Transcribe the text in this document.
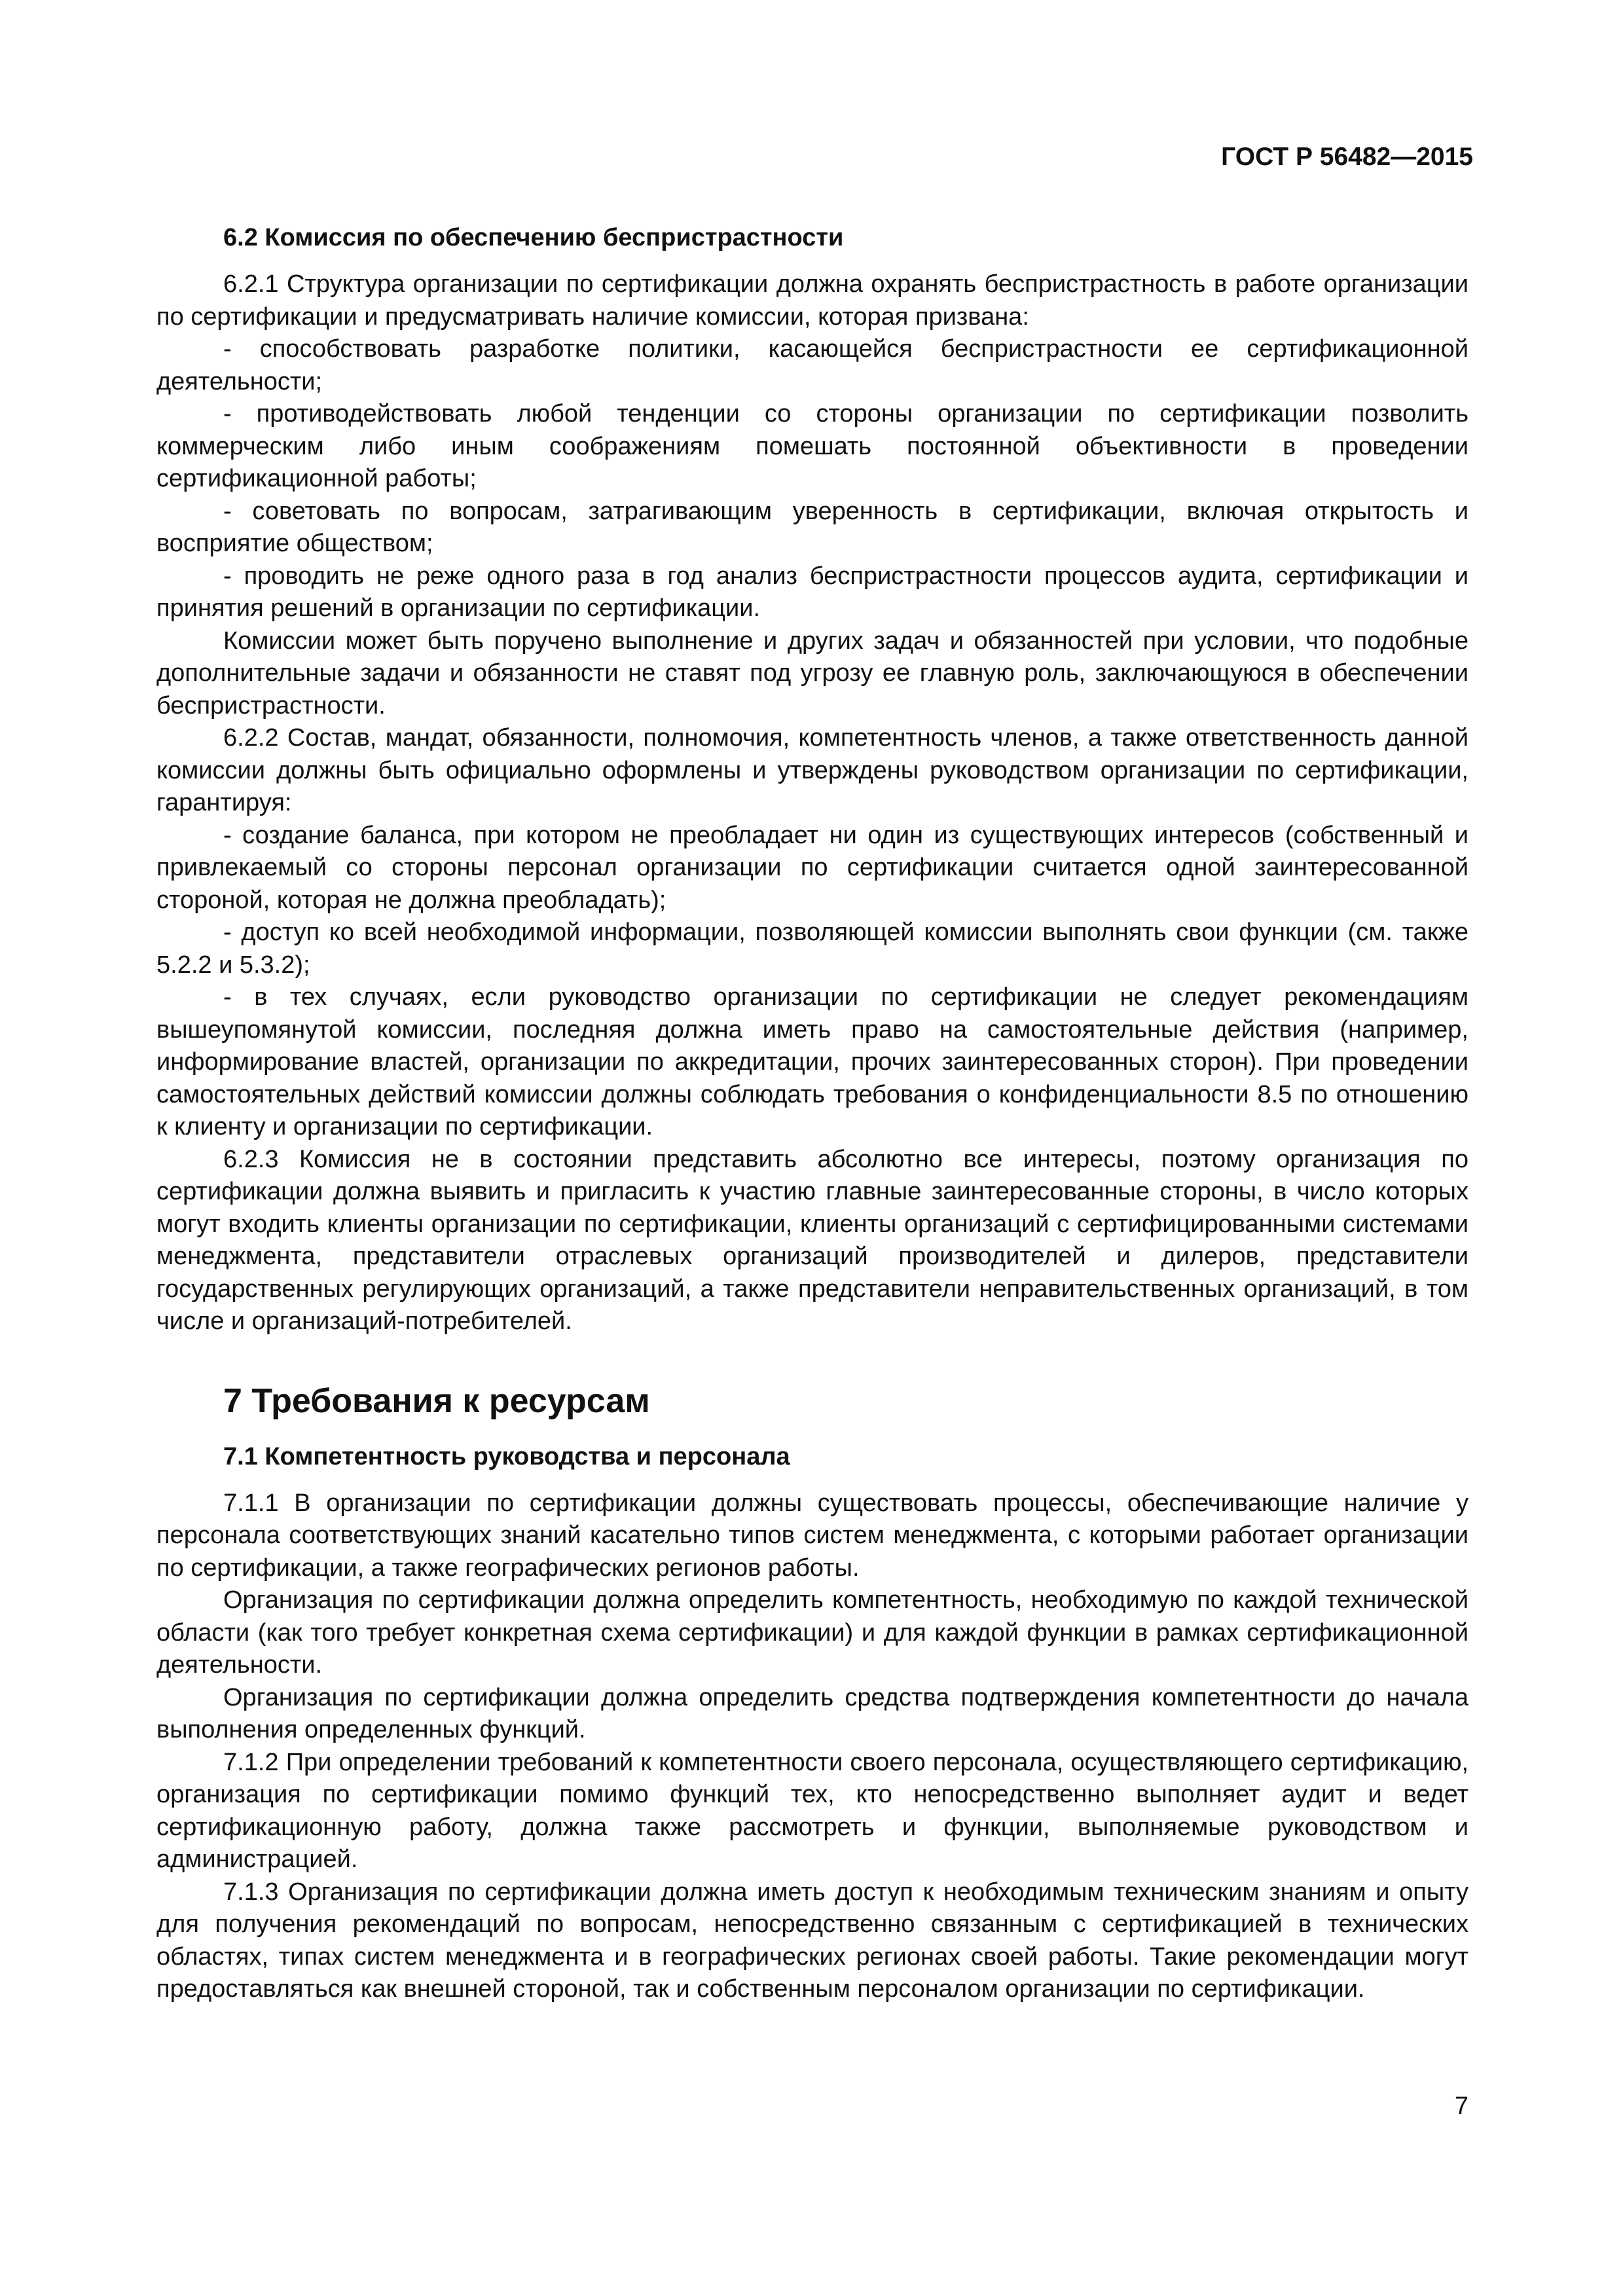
ГОСТ Р 56482—2015
6.2 Комиссия по обеспечению беспристрастности

6.2.1 Структура организации по сертификации должна охранять беспристрастность в работе организации по сертификации и предусматривать наличие комиссии, которая призвана:

- способствовать разработке политики, касающейся беспристрастности ее сертификационной деятельности;

- противодействовать любой тенденции со стороны организации по сертификации позволить коммерческим либо иным соображениям помешать постоянной объективности в проведении сертификационной работы;

- советовать по вопросам, затрагивающим уверенность в сертификации, включая открытость и восприятие обществом;

- проводить не реже одного раза в год анализ беспристрастности процессов аудита, сертификации и принятия решений в организации по сертификации.

Комиссии может быть поручено выполнение и других задач и обязанностей при условии, что подобные дополнительные задачи и обязанности не ставят под угрозу ее главную роль, заключающуюся в обеспечении беспристрастности.

6.2.2 Состав, мандат, обязанности, полномочия, компетентность членов, а также ответственность данной комиссии должны быть официально оформлены и утверждены руководством организации по сертификации, гарантируя:

- создание баланса, при котором не преобладает ни один из существующих интересов (собственный и привлекаемый со стороны персонал организации по сертификации считается одной заинтересованной стороной, которая не должна преобладать);

- доступ ко всей необходимой информации, позволяющей комиссии выполнять свои функции (см. также 5.2.2 и 5.3.2);

- в тех случаях, если руководство организации по сертификации не следует рекомендациям вышеупомянутой комиссии, последняя должна иметь право на самостоятельные действия (например, информирование властей, организации по аккредитации, прочих заинтересованных сторон). При проведении самостоятельных действий комиссии должны соблюдать требования о конфиденциальности 8.5 по отношению к клиенту и организации по сертификации.

6.2.3 Комиссия не в состоянии представить абсолютно все интересы, поэтому организация по сертификации должна выявить и пригласить к участию главные заинтересованные стороны, в число которых могут входить клиенты организации по сертификации, клиенты организаций с сертифицированными системами менеджмента, представители отраслевых организаций производителей и дилеров, представители государственных регулирующих организаций, а также представители неправительственных организаций, в том числе и организаций-потребителей.

7 Требования к ресурсам
7.1 Компетентность руководства и персонала

7.1.1 В организации по сертификации должны существовать процессы, обеспечивающие наличие у персонала соответствующих знаний касательно типов систем менеджмента, с которыми работает организации по сертификации, а также географических регионов работы.

Организация по сертификации должна определить компетентность, необходимую по каждой технической области (как того требует конкретная схема сертификации) и для каждой функции в рамках сертификационной деятельности.

Организация по сертификации должна определить средства подтверждения компетентности до начала выполнения определенных функций.

7.1.2 При определении требований к компетентности своего персонала, осуществляющего сертификацию, организация по сертификации помимо функций тех, кто непосредственно выполняет аудит и ведет сертификационную работу, должна также рассмотреть и функции, выполняемые руководством и администрацией.

7.1.3 Организация по сертификации должна иметь доступ к необходимым техническим знаниям и опыту для получения рекомендаций по вопросам, непосредственно связанным с сертификацией в технических областях, типах систем менеджмента и в географических регионах своей работы. Такие рекомендации могут предоставляться как внешней стороной, так и собственным персоналом организации по сертификации.

7
